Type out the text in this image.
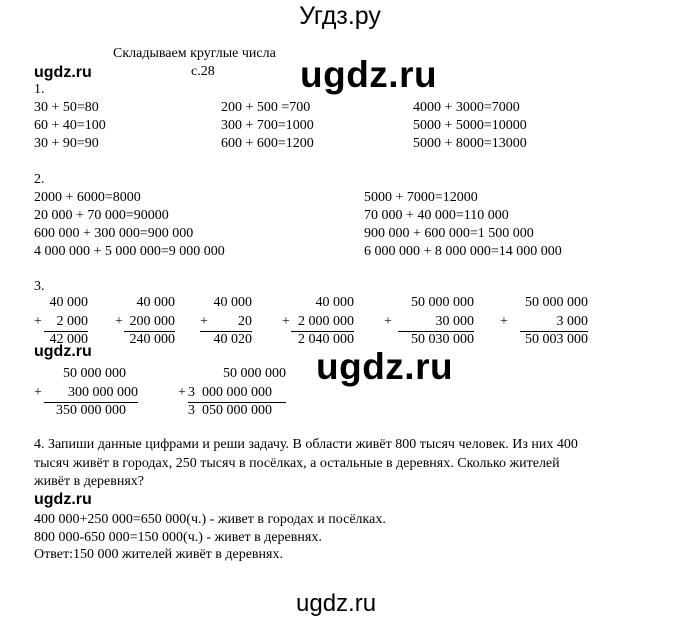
Угдз.ру
ugdz.ru	ugdz.ru
ugdz.ru	ugdz.ru
ugdz.ru
ugdz.ru
Складываем круглые числа
с.28
1.
30 + 50=80	200 + 500 =700	4000 + 3000=7000
60 + 40=100	300 + 700=1000	5000 + 5000=10000
30 + 90=90	600 + 600=1200	5000 + 8000=13000
2.
2000 + 6000=8000	5000 + 7000=12000
20 000 + 70 000=90000	70 000 + 40 000=110 000
600 000 + 300 000=900 000	900 000 + 600 000=1 500 000
4 000 000 + 5 000 000=9 000 000	6 000 000 + 8 000 000=14 000 000
3.
40 000
+	2 000
42 000
40 000
+ 200 000
240 000
40 000
+	20
40 020
40 000
+ 2 000 000
2 040 000
+
50 000 000
30 000
50 030 000
+
50 000 000
3 000
50 003 000
50 000 000
+	300 000 000
350 000 000
50 000 000
+ 3  000 000 000
3  050 000 000
4. Запиши данные цифрами и реши задачу. В области живёт 800 тысяч человек. Из них 400
тысяч живёт в городах, 250 тысяч в посёлках, а остальные в деревнях. Сколько жителей
живёт в деревнях?
400 000+250 000=650 000(ч.) - живет в городах и посёлках.
800 000-650 000=150 000(ч.) - живет в деревнях.
Ответ:150 000 жителей живёт в деревнях.
